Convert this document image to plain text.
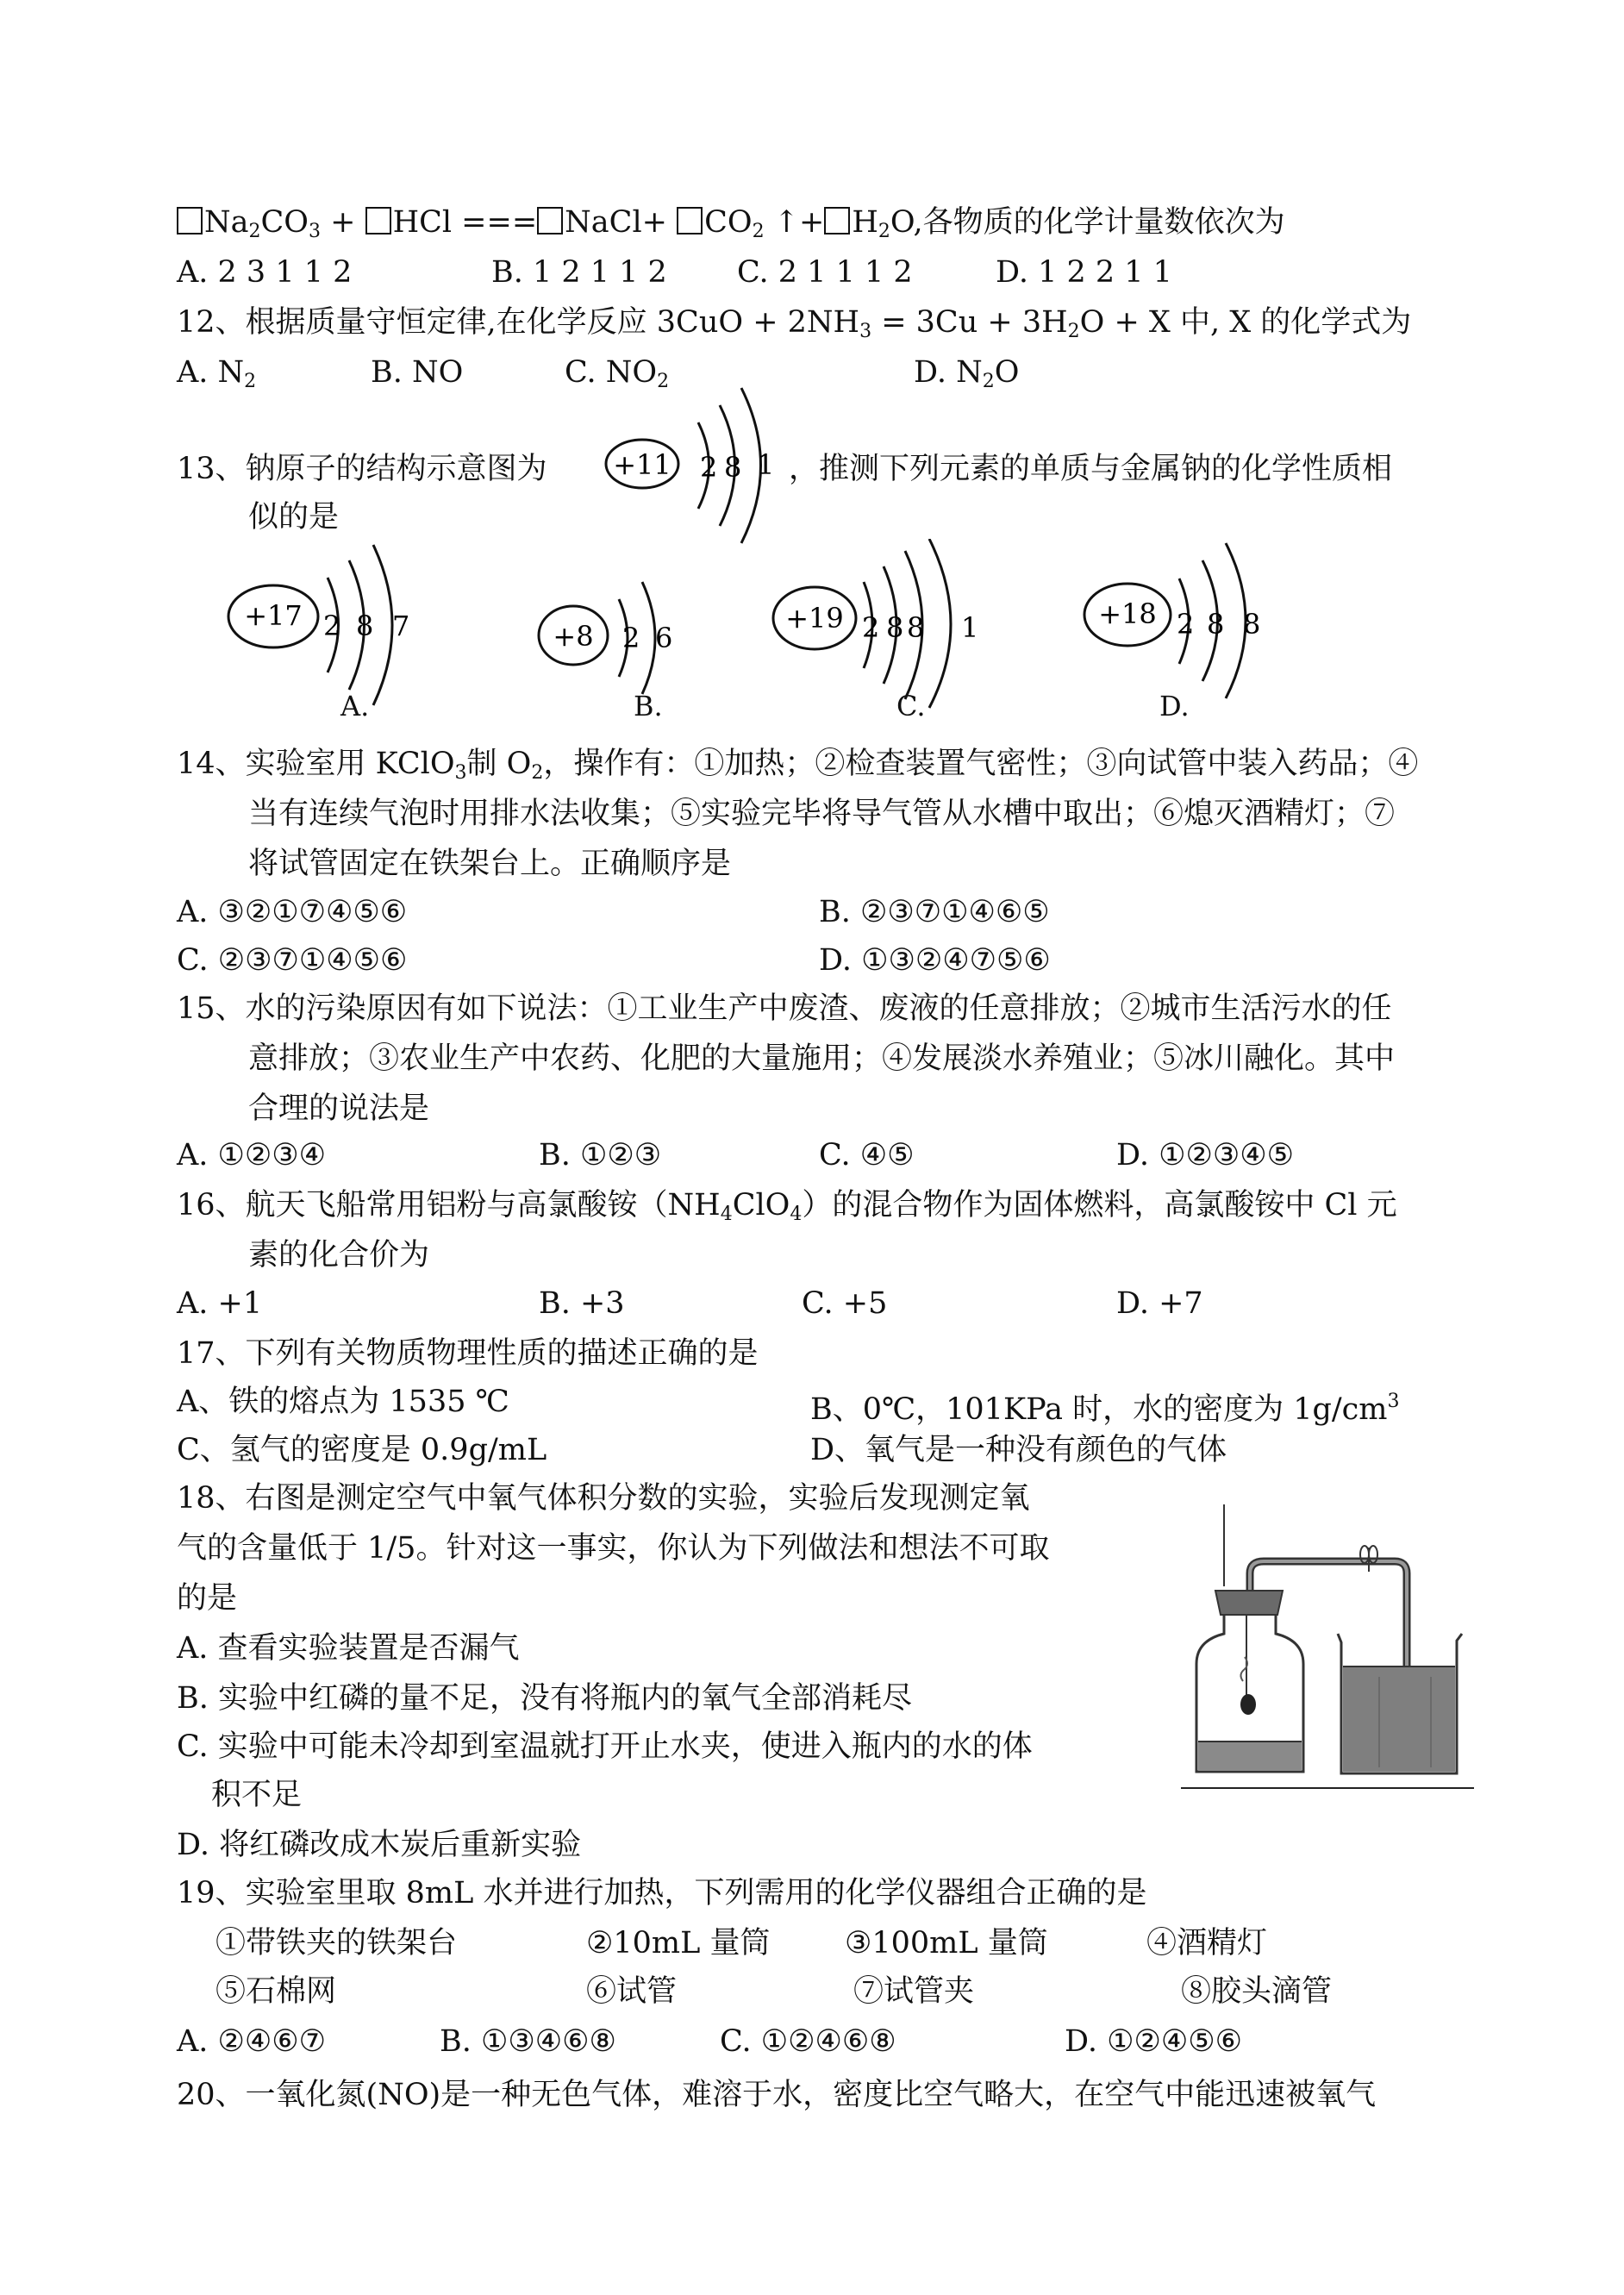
$Na_2CO_3$ + HCl === NaCl+ $CO_2$ ↑+ $H_2O$,各物质的化学计量数依次为
A. 2 3 1 1 2	B. 1 2 1 1 2 C. 2 1 1 1 2	D. 1 2 2 1 1
12、根据质量守恒定律,在化学反应 $3CuO + 2NH_3 = 3Cu + 3H_2O + X$ 中, X 的化学式为
A. $N_2$	B. NO	C. $NO_2$	D. $N_2O$
13、钠原子的结构示意图为	，推测下列元素的单质与金属钠的化学性质相
似的是
+11 2 8 1
+17 2 8 7
A.
+8 2 6
B.
+19 2 8 8 1
C.
+18 2 8 8
D.
14、实验室用 KClO$_3$制 $O_2$，操作有：①加热；②检查装置气密性；③向试管中装入药品；④
当有连续气泡时用排水法收集；⑤实验完毕将导气管从水槽中取出；⑥熄灭酒精灯；⑦
将试管固定在铁架台上。正确顺序是
A. ③②①⑦④⑤⑥	B. ②③⑦①④⑥⑤
C. ②③⑦①④⑤⑥	D. ①③②④⑦⑤⑥
15、水的污染原因有如下说法：①工业生产中废渣、废液的任意排放；②城市生活污水的任
意排放；③农业生产中农药、化肥的大量施用；④发展淡水养殖业；⑤冰川融化。其中
合理的说法是
A. ①②③④	B. ①②③	C. ④⑤	D. ①②③④⑤
16、航天飞船常用铝粉与高氯酸铵$(NH_4ClO_4)$的混合物作为固体燃料，高氯酸铵中 Cl 元
素的化合价为
A. +1	B. +3	C. +5	D. +7
17、下列有关物质物理性质的描述正确的是
A、铁的熔点为 1535 ℃	B、0℃，101KPa 时，水的密度为 $1g/cm^3$
C、氢气的密度是 0.9g/mL	D、氧气是一种没有颜色的气体
18、右图是测定空气中氧气体积分数的实验，实验后发现测定氧
气的含量低于 1/5。针对这一事实，你认为下列做法和想法不可取
的是
A. 查看实验装置是否漏气
B. 实验中红磷的量不足，没有将瓶内的氧气全部消耗尽
C. 实验中可能未冷却到室温就打开止水夹，使进入瓶内的水的体
积不足
D. 将红磷改成木炭后重新实验
19、实验室里取 8mL 水并进行加热，下列需用的化学仪器组合正确的是
①带铁夹的铁架台	②10mL 量筒 ③100mL 量筒	④酒精灯
⑤石棉网	⑥试管	⑦试管夹	⑧胶头滴管
A. ②④⑥⑦	B. ①③④⑥⑧	C. ①②④⑥⑧	D. ①②④⑤⑥
20、一氧化氮(NO)是一种无色气体，难溶于水，密度比空气略大，在空气中能迅速被氧气
